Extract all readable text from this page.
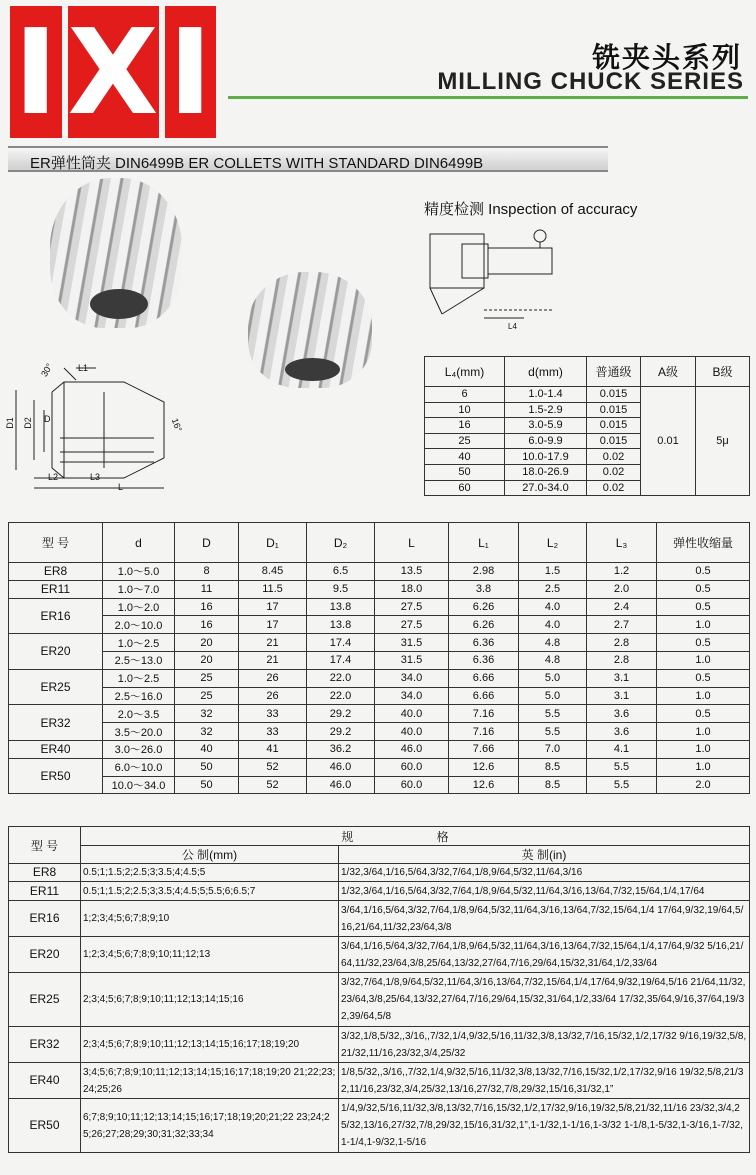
I X I	铣夹头系列
MILLING CHUCK SERIES
ER弹性筒夹 DIN6499B ER COLLETS WITH STANDARD DIN6499B
30°	L1
16°
D1 D2 D
L2	L3
L
精度检测 Inspection of accuracy
L4
L₄(mm)	d(mm)	普通级	A级	B级
6	1.0-1.4	0.015	0.01	5μ
10	1.5-2.9	0.015		
16	3.0-5.9	0.015		
25	6.0-9.9	0.015		
40	10.0-17.9	0.02		
50	18.0-26.9	0.02		
60	27.0-34.0	0.02		
型 号	d	D	D₁	D₂	L	L₁	L₂	L₃	弹性收缩量
ER8	1.0～5.0	8	8.45	6.5	13.5	2.98	1.5	1.2	0.5
ER11	1.0～7.0	11	11.5	9.5	18.0	3.8	2.5	2.0	0.5
ER16	1.0～2.0	16	17	13.8	27.5	6.26	4.0	2.4	0.5
	2.0～10.0	16	17	13.8	27.5	6.26	4.0	2.7	1.0
ER20	1.0～2.5	20	21	17.4	31.5	6.36	4.8	2.8	0.5
	2.5～13.0	20	21	17.4	31.5	6.36	4.8	2.8	1.0
ER25	1.0～2.5	25	26	22.0	34.0	6.66	5.0	3.1	0.5
	2.5～16.0	25	26	22.0	34.0	6.66	5.0	3.1	1.0
ER32	2.0～3.5	32	33	29.2	40.0	7.16	5.5	3.6	0.5
	3.5～20.0	32	33	29.2	40.0	7.16	5.5	3.6	1.0
ER40	3.0～26.0	40	41	36.2	46.0	7.66	7.0	4.1	1.0
ER50	6.0～10.0	50	52	46.0	60.0	12.6	8.5	5.5	1.0
	10.0～34.0	50	52	46.0	60.0	12.6	8.5	5.5	2.0
型 号	规 格	
	公 制(mm)	英 制(in)
ER8	0.5;1;1.5;2;2.5;3;3.5;4;4.5;5	1/32,3/64,1/16,5/64,3/32,7/64,1/8,9/64,5/32,11/64,3/16
ER11	0.5;1;1.5;2;2.5;3;3.5;4;4.5;5;5.5;6;6.5;7	1/32,3/64,1/16,5/64,3/32,7/64,1/8,9/64,5/32,11/64,3/16,13/64,7/32,15/64,1/4,17/64
ER16	1;2;3;4;5;6;7;8;9;10	3/64,1/16,5/64,3/32,7/64,1/8,9/64,5/32,11/64,3/16,13/64,7/32,15/64,1/4 17/64,9/32,19/64,5/16,21/64,11/32,23/64,3/8
ER20	1;2;3;4;5;6;7;8;9;10;11;12;13	3/64,1/16,5/64,3/32,7/64,1/8,9/64,5/32,11/64,3/16,13/64,7/32,15/64,1/4,17/64,9/32 5/16,21/64,11/32,23/64,3/8,25/64,13/32,27/64,7/16,29/64,15/32,31/64,1/2,33/64
ER25	2;3;4;5;6;7;8;9;10;11;12;13;14;15;16	3/32,7/64,1/8,9/64,5/32,11/64,3/16,13/64,7/32,15/64,1/4,17/64,9/32,19/64,5/16 21/64,11/32,23/64,3/8,25/64,13/32,27/64,7/16,29/64,15/32,31/64,1/2,33/64 17/32,35/64,9/16,37/64,19/32,39/64,5/8
ER32	2;3;4;5;6;7;8;9;10;11;12;13;14;15;16;17;18;19;20	3/32,1/8,5/32,,3/16,,7/32,1/4,9/32,5/16,11/32,3/8,13/32,7/16,15/32,1/2,17/32 9/16,19/32,5/8,21/32,11/16,23/32,3/4,25/32
ER40	3;4;5;6;7;8;9;10;11;12;13;14;15;16;17;18;19;20 21;22;23;24;25;26	1/8,5/32,,3/16,,7/32,1/4,9/32,5/16,11/32,3/8,13/32,7/16,15/32,1/2,17/32,9/16 19/32,5/8,21/32,11/16,23/32,3/4,25/32,13/16,27/32,7/8,29/32,15/16,31/32,1”
ER50	6;7;8;9;10;11;12;13;14;15;16;17;18;19;20;21;22 23;24;25;26;27;28;29;30;31;32;33;34	1/4,9/32,5/16,11/32,3/8,13/32,7/16,15/32,1/2,17/32,9/16,19/32,5/8,21/32,11/16 23/32,3/4,25/32,13/16,27/32,7/8,29/32,15/16,31/32,1”,1-1/32,1-1/16,1-3/32 1-1/8,1-5/32,1-3/16,1-7/32,1-1/4,1-9/32,1-5/16
